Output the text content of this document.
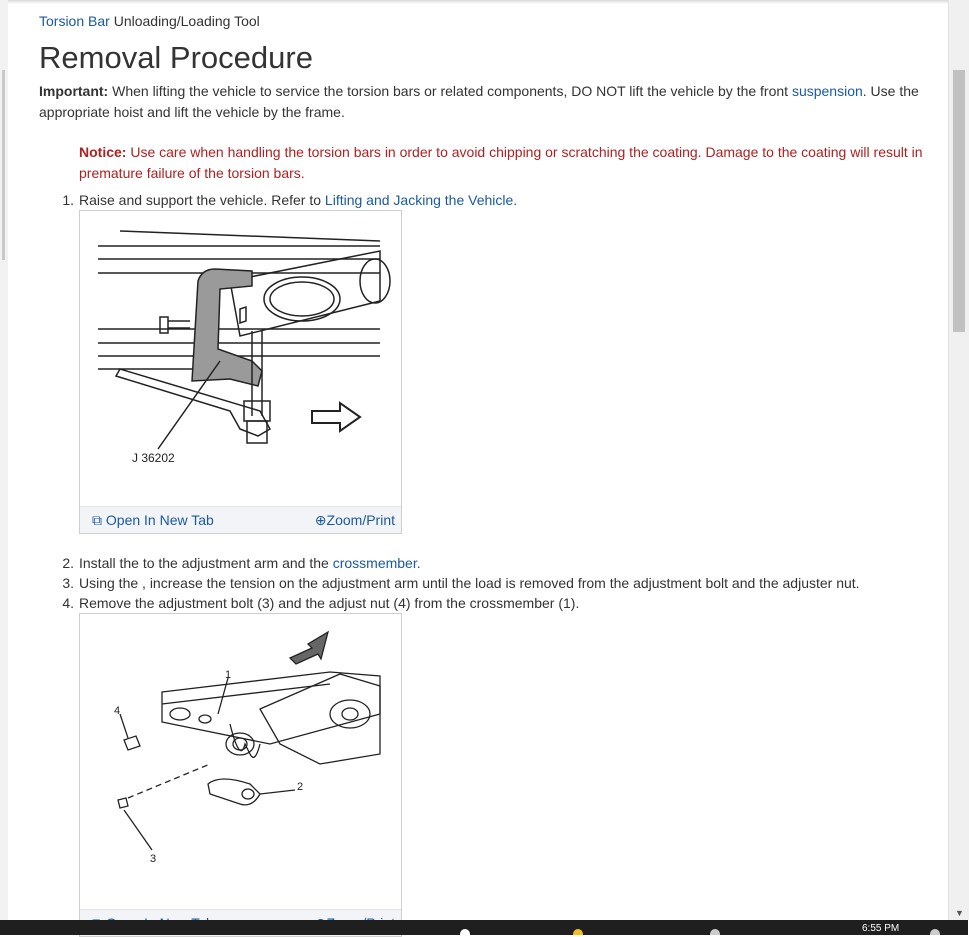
▼
Torsion Bar Unloading/Loading Tool
Removal Procedure
Important: When lifting the vehicle to service the torsion bars or related components, DO NOT lift the vehicle by the front suspension. Use the appropriate hoist and lift the vehicle by the frame.
Notice: Use care when handling the torsion bars in order to avoid chipping or scratching the coating. Damage to the coating will result in premature failure of the torsion bars.
1. Raise and support the vehicle. Refer to Lifting and Jacking the Vehicle.
J 36202
⧉ Open In New Tab	⊕Zoom/Print
2. Install the to the adjustment arm and the crossmember.
3. Using the , increase the tension on the adjustment arm until the load is removed from the adjustment bolt and the adjuster nut.
4. Remove the adjustment bolt (3) and the adjust nut (4) from the crossmember (1).
1
2
3
4
6:55 PM
